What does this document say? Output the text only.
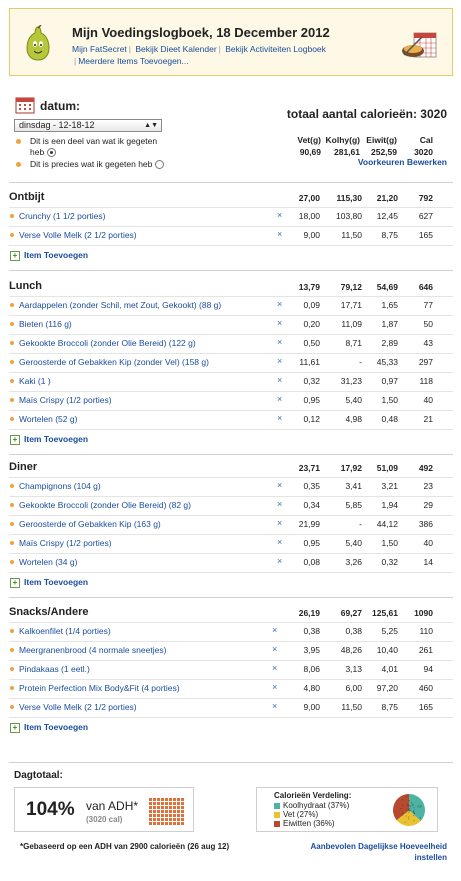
Mijn Voedingslogboek, 18 December 2012
Mijn FatSecret | Bekijk Dieet Kalender | Bekijk Activiteiten Logboek
| Meerdere Items Toevoegen...
datum:
dinsdag - 12-18-12	▲▼
Dit is een deel van wat ik gegeten
heb
Dit is precies wat ik gegeten heb
totaal aantal calorieën: 3020
Vet(g) Kolhy(g) Eiwit(g)	Cal
90,69	281,61	252,59	3020
Voorkeuren Bewerken
Ontbijt	27,00	115,30	21,20	792
Crunchy (1 1/2 porties)	×	18,00	103,80	12,45	627
Verse Volle Melk (2 1/2 porties)	×	9,00	11,50	8,75	165
+ Item Toevoegen
Lunch	13,79	79,12	54,69	646
Aardappelen (zonder Schil, met Zout, Gekookt) (88 g)	×	0,09	17,71	1,65	77
Bieten (116 g)	×	0,20	11,09	1,87	50
Gekookte Broccoli (zonder Olie Bereid) (122 g)	×	0,50	8,71	2,89	43
Geroosterde of Gebakken Kip (zonder Vel) (158 g)	×	11,61	-	45,33	297
Kaki (1 )	×	0,32	31,23	0,97	118
Maïs Crispy (1/2 porties)	×	0,95	5,40	1,50	40
Wortelen (52 g)	×	0,12	4,98	0,48	21
+ Item Toevoegen
Diner	23,71	17,92	51,09	492
Champignons (104 g)	×	0,35	3,41	3,21	23
Gekookte Broccoli (zonder Olie Bereid) (82 g)	×	0,34	5,85	1,94	29
Geroosterde of Gebakken Kip (163 g)	×	21,99	-	44,12	386
Maïs Crispy (1/2 porties)	×	0,95	5,40	1,50	40
Wortelen (34 g)	×	0,08	3,26	0,32	14
+ Item Toevoegen
Snacks/Andere	26,19	69,27	125,61	1090
Kalkoenfilet (1/4 porties)	×	0,38	0,38	5,25	110
Meergranenbrood (4 normale sneetjes)	×	3,95	48,26	10,40	261
Pindakaas (1 eetl.)	×	8,06	3,13	4,01	94
Protein Perfection Mix Body&Fit (4 porties)	×	4,80	6,00	97,20	460
Verse Volle Melk (2 1/2 porties)	×	9,00	11,50	8,75	165
+ Item Toevoegen
Dagtotaal:
104% van ADH*
(3020 cal)
Calorieën Verdeling:
Koolhydraat (37%)
Vet (27%)
Eiwitten (36%)
*Gebaseerd op een ADH van 2900 calorieën (26 aug 12)	Aanbevolen Dagelijkse Hoeveelheid instellen
